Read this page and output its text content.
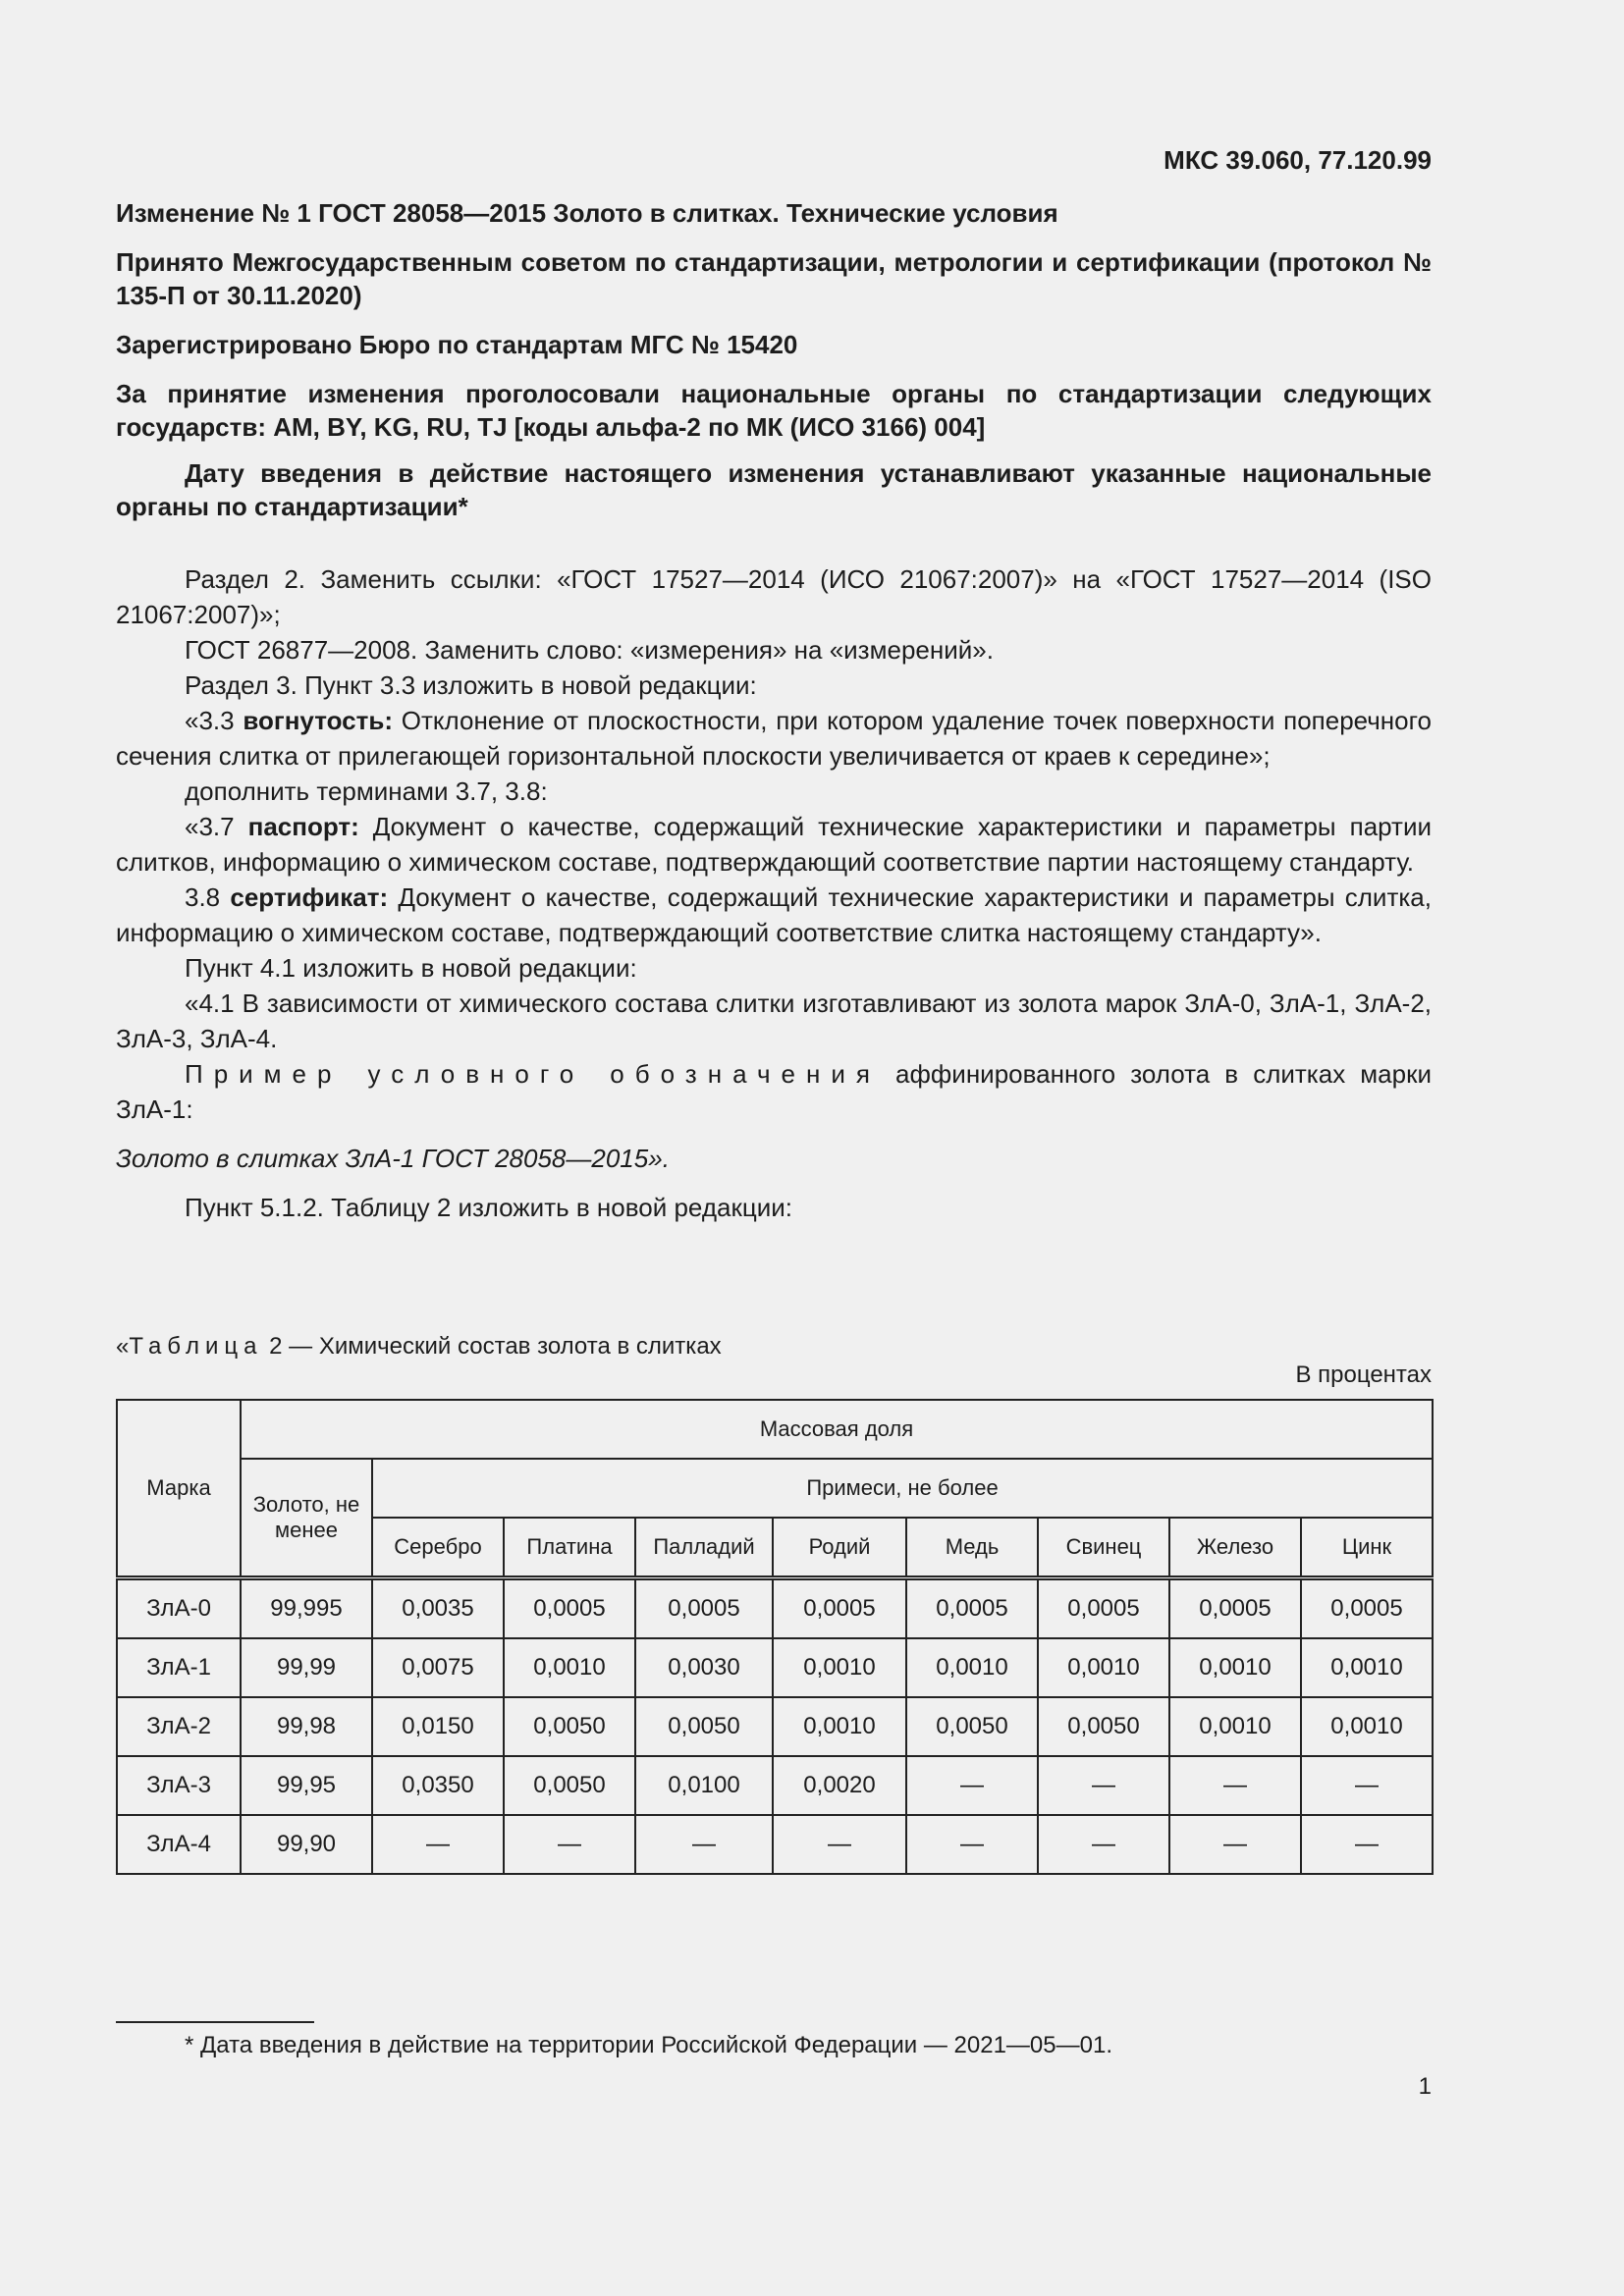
МКС 39.060, 77.120.99
Изменение № 1 ГОСТ 28058—2015 Золото в слитках. Технические условия
Принято Межгосударственным советом по стандартизации, метрологии и сертификации (протокол № 135-П от 30.11.2020)
Зарегистрировано Бюро по стандартам МГС № 15420
За принятие изменения проголосовали национальные органы по стандартизации следующих государств: AM, BY, KG, RU, TJ [коды альфа-2 по МК (ИСО 3166) 004]
Дату введения в действие настоящего изменения устанавливают указанные национальные органы по стандартизации*

Раздел 2. Заменить ссылки: «ГОСТ 17527—2014 (ИСО 21067:2007)» на «ГОСТ 17527—2014 (ISO 21067:2007)»;

ГОСТ 26877—2008. Заменить слово: «измерения» на «измерений».

Раздел 3. Пункт 3.3 изложить в новой редакции:

«3.3 вогнутость: Отклонение от плоскостности, при котором удаление точек поверхности поперечного сечения слитка от прилегающей горизонтальной плоскости увеличивается от краев к середине»;

дополнить терминами 3.7, 3.8:

«3.7 паспорт: Документ о качестве, содержащий технические характеристики и параметры партии слитков, информацию о химическом составе, подтверждающий соответствие партии настоящему стандарту.

3.8 сертификат: Документ о качестве, содержащий технические характеристики и параметры слитка, информацию о химическом составе, подтверждающий соответствие слитка настоящему стандарту».

Пункт 4.1 изложить в новой редакции:

«4.1 В зависимости от химического состава слитки изготавливают из золота марок ЗлА-0, ЗлА-1, ЗлА-2, ЗлА-3, ЗлА-4.

Пример условного обозначения аффинированного золота в слитках марки ЗлА-1:

Золото в слитках ЗлА-1 ГОСТ 28058—2015».

Пункт 5.1.2. Таблицу 2 изложить в новой редакции:

«Таблица 2 — Химический состав золота в слитках
В процентах
Марка	Массовая доля								
	Золото, не менее	Примеси, не более							
		Серебро	Платина	Палладий	Родий	Медь	Свинец	Железо	Цинк
ЗлА-0	99,995	0,0035	0,0005	0,0005	0,0005	0,0005	0,0005	0,0005	0,0005
ЗлА-1	99,99	0,0075	0,0010	0,0030	0,0010	0,0010	0,0010	0,0010	0,0010
ЗлА-2	99,98	0,0150	0,0050	0,0050	0,0010	0,0050	0,0050	0,0010	0,0010
ЗлА-3	99,95	0,0350	0,0050	0,0100	0,0020	—	—	—	—
ЗлА-4	99,90	—	—	—	—	—	—	—	—
* Дата введения в действие на территории Российской Федерации — 2021—05—01.
1
